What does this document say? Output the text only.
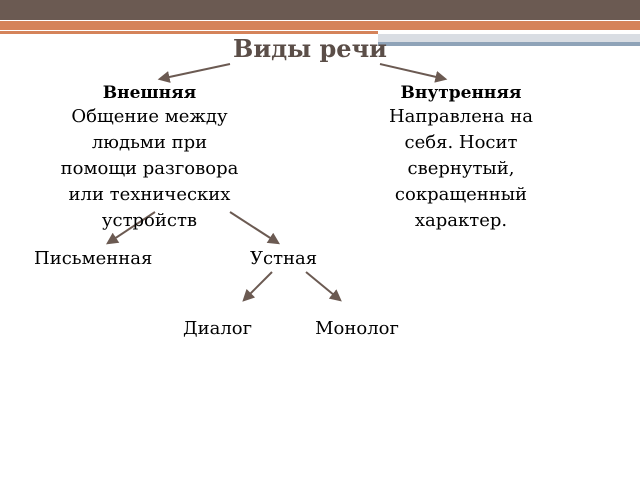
Виды речи
Внешняя
Общение между
людьми при
помощи разговора
или технических
устройств
Внутренняя
Направлена на
себя. Носит
свернутый,
сокращенный
характер.
Письменная	Устная
Диалог	Монолог
